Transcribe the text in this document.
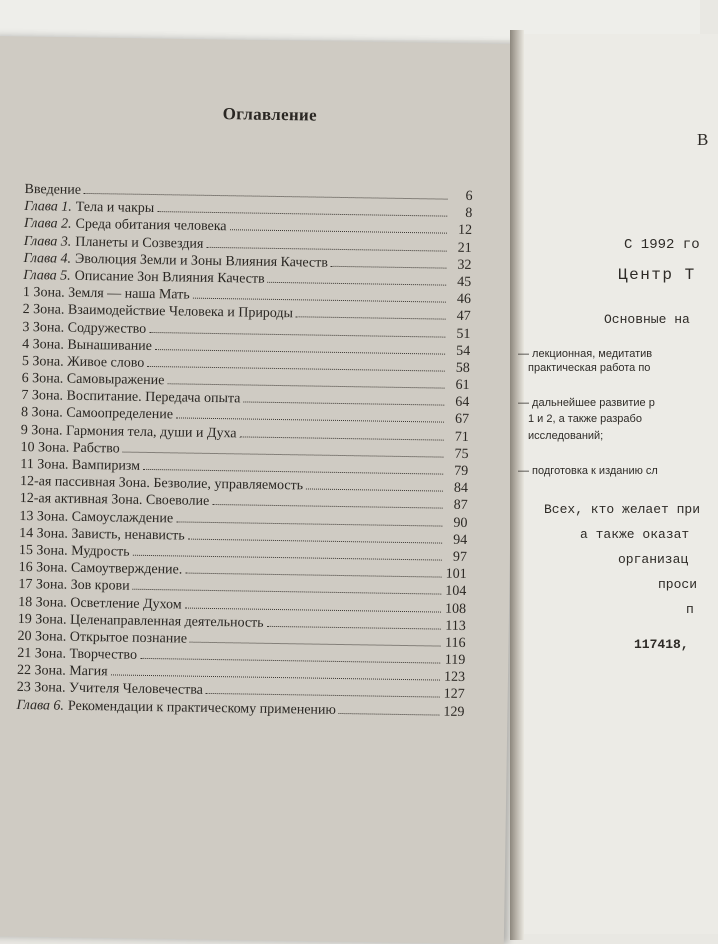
Оглавление
Введение	6
Глава 1. Тела и чакры	8
Глава 2. Среда обитания человека	12
Глава 3. Планеты и Созвездия	21
Глава 4. Эволюция Земли и Зоны Влияния Качеств	32
Глава 5. Описание Зон Влияния Качеств	45
1 Зона. Земля — наша Мать	46
2 Зона. Взаимодействие Человека и Природы	47
3 Зона. Содружество	51
4 Зона. Вынашивание	54
5 Зона. Живое слово	58
6 Зона. Самовыражение	61
7 Зона. Воспитание. Передача опыта	64
8 Зона. Самоопределение	67
9 Зона. Гармония тела, души и Духа	71
10 Зона. Рабство	75
11 Зона. Вампиризм	79
12-ая пассивная Зона. Безволие, управляемость	84
12-ая активная Зона. Своеволие	87
13 Зона. Самоуслаждение	90
14 Зона. Зависть, ненависть	94
15 Зона. Мудрость	97
16 Зона. Самоутверждение.	101
17 Зона. Зов крови	104
18 Зона. Осветление Духом	108
19 Зона. Целенаправленная деятельность	113
20 Зона. Открытое познание	116
21 Зона. Творчество	119
22 Зона. Магия	123
23 Зона. Учителя Человечества	127
Глава 6. Рекомендации к практическому применению	129
В
С 1992 го
Центр Т
Основные на
— лекционная, медитатив
практическая работа по
— дальнейшее развитие р
1 и 2, а также разрабо
исследований;
— подготовка к изданию сл
Всех, кто желает при
а также оказат
организац
проси
п
117418,
